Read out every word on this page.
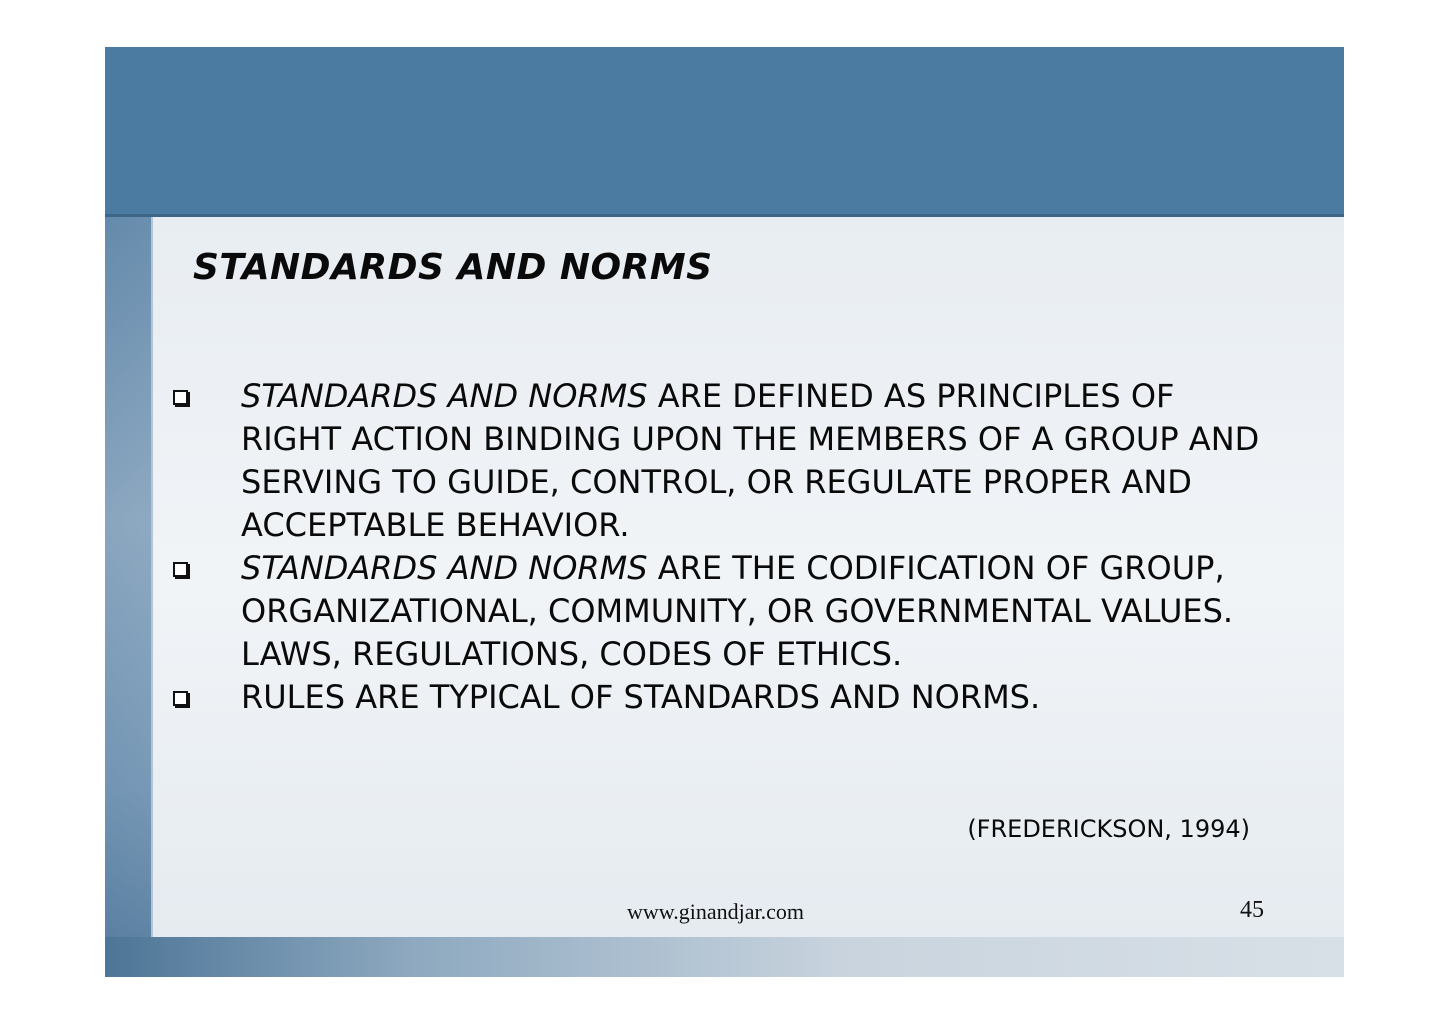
⁣
STANDARDS AND NORMS
STANDARDS AND NORMS ARE DEFINED AS PRINCIPLES OF RIGHT ACTION BINDING UPON THE MEMBERS OF A GROUP AND SERVING TO GUIDE, CONTROL, OR REGULATE PROPER AND ACCEPTABLE BEHAVIOR.
STANDARDS AND NORMS ARE THE CODIFICATION OF GROUP, ORGANIZATIONAL, COMMUNITY, OR GOVERNMENTAL VALUES. LAWS, REGULATIONS, CODES OF ETHICS.
RULES ARE TYPICAL OF STANDARDS AND NORMS.
(FREDERICKSON, 1994)
www.ginandjar.com	45
